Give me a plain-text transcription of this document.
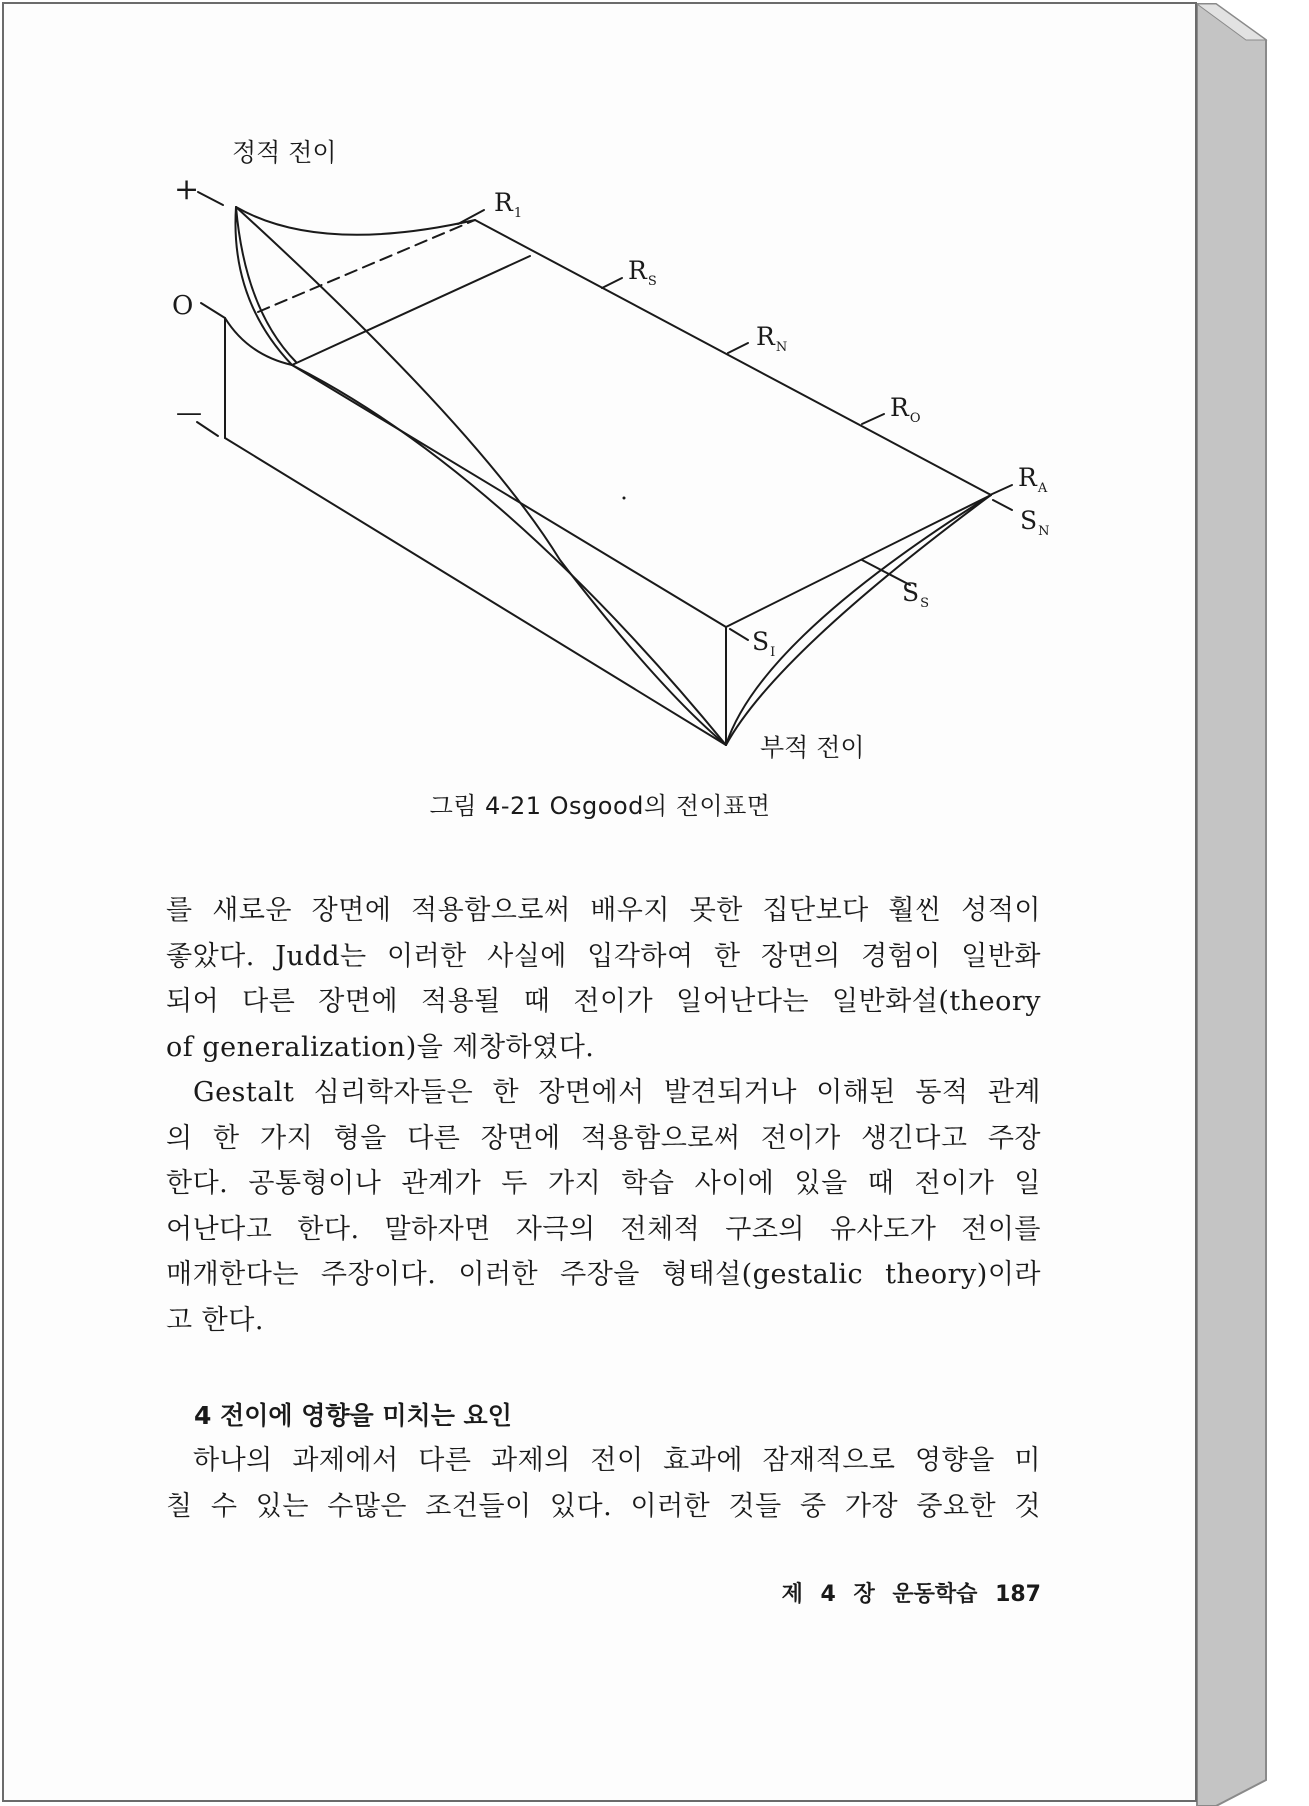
정적 전이
+
O
—
$R_1$
$R_S$
$R_N$
$R_O$
$R_A$
$S_N$
$S_S$
$S_I$
부적 전이
그림 4-21 Osgood의 전이표면
를 새로운 장면에 적용함으로써 배우지 못한 집단보다 훨씬 성적이
좋았다. Judd는 이러한 사실에 입각하여 한 장면의 경험이 일반화
되어 다른 장면에 적용될 때 전이가 일어난다는 일반화설(theory
of generalization)을 제창하였다.
Gestalt 심리학자들은 한 장면에서 발견되거나 이해된 동적 관계
의 한 가지 형을 다른 장면에 적용함으로써 전이가 생긴다고 주장
한다. 공통형이나 관계가 두 가지 학습 사이에 있을 때 전이가 일
어난다고 한다. 말하자면 자극의 전체적 구조의 유사도가 전이를
매개한다는 주장이다. 이러한 주장을 형태설(gestalic theory)이라
고 한다.
4 전이에 영향을 미치는 요인
하나의 과제에서 다른 과제의 전이 효과에 잠재적으로 영향을 미
칠 수 있는 수많은 조건들이 있다. 이러한 것들 중 가장 중요한 것
제 4 장 운동학습 187
